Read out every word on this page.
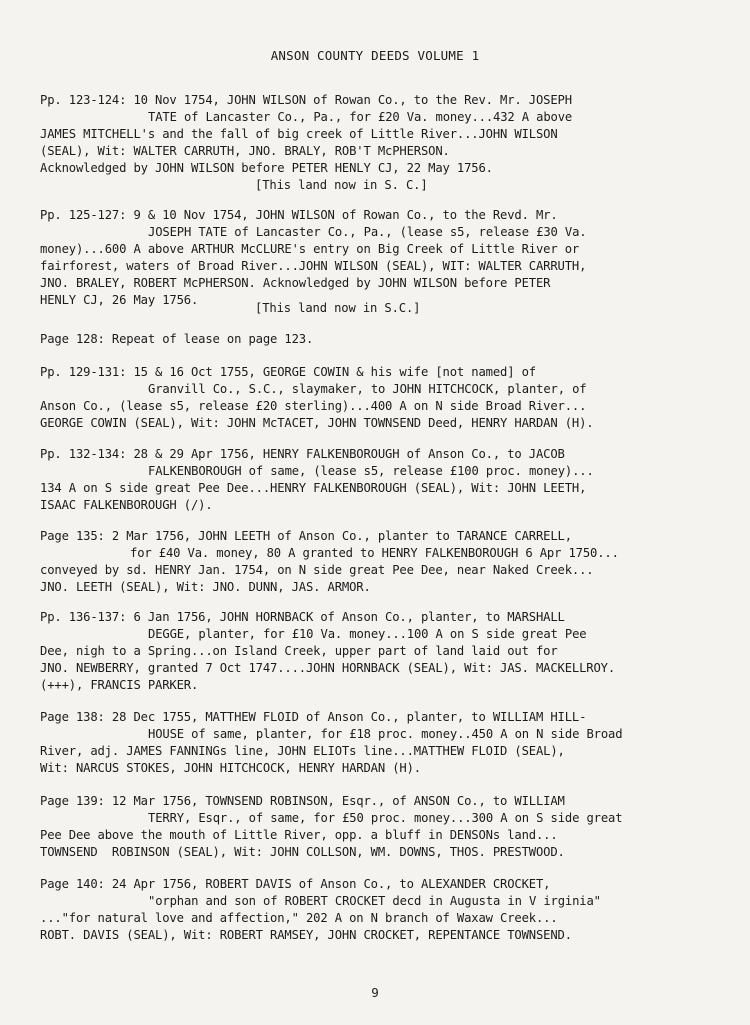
ANSON COUNTY DEEDS VOLUME 1
Pp. 123-124: 10 Nov 1754, JOHN WILSON of Rowan Co., to the Rev. Mr. JOSEPH
TATE of Lancaster Co., Pa., for £20 Va. money...432 A above
JAMES MITCHELL's and the fall of big creek of Little River...JOHN WILSON
(SEAL), Wit: WALTER CARRUTH, JNO. BRALY, ROB'T McPHERSON.
Acknowledged by JOHN WILSON before PETER HENLY CJ, 22 May 1756.
[This land now in S. C.]
Pp. 125-127: 9 & 10 Nov 1754, JOHN WILSON of Rowan Co., to the Revd. Mr.
JOSEPH TATE of Lancaster Co., Pa., (lease s5, release £30 Va.
money)...600 A above ARTHUR McCLURE's entry on Big Creek of Little River or
fairforest, waters of Broad River...JOHN WILSON (SEAL), WIT: WALTER CARRUTH,
JNO. BRALEY, ROBERT McPHERSON. Acknowledged by JOHN WILSON before PETER
HENLY CJ, 26 May 1756.
[This land now in S.C.]
Page 128: Repeat of lease on page 123.
Pp. 129-131: 15 & 16 Oct 1755, GEORGE COWIN & his wife [not named] of
Granvill Co., S.C., slaymaker, to JOHN HITCHCOCK, planter, of
Anson Co., (lease s5, release £20 sterling)...400 A on N side Broad River...
GEORGE COWIN (SEAL), Wit: JOHN McTACET, JOHN TOWNSEND Deed, HENRY HARDAN (H).
Pp. 132-134: 28 & 29 Apr 1756, HENRY FALKENBOROUGH of Anson Co., to JACOB
FALKENBOROUGH of same, (lease s5, release £100 proc. money)...
134 A on S side great Pee Dee...HENRY FALKENBOROUGH (SEAL), Wit: JOHN LEETH,
ISAAC FALKENBOROUGH (/).
Page 135: 2 Mar 1756, JOHN LEETH of Anson Co., planter to TARANCE CARRELL,
for £40 Va. money, 80 A granted to HENRY FALKENBOROUGH 6 Apr 1750...
conveyed by sd. HENRY Jan. 1754, on N side great Pee Dee, near Naked Creek...
JNO. LEETH (SEAL), Wit: JNO. DUNN, JAS. ARMOR.
Pp. 136-137: 6 Jan 1756, JOHN HORNBACK of Anson Co., planter, to MARSHALL
DEGGE, planter, for £10 Va. money...100 A on S side great Pee
Dee, nigh to a Spring...on Island Creek, upper part of land laid out for
JNO. NEWBERRY, granted 7 Oct 1747....JOHN HORNBACK (SEAL), Wit: JAS. MACKELLROY.
(+++), FRANCIS PARKER.
Page 138: 28 Dec 1755, MATTHEW FLOID of Anson Co., planter, to WILLIAM HILL-
HOUSE of same, planter, for £18 proc. money..450 A on N side Broad
River, adj. JAMES FANNINGs line, JOHN ELIOTs line...MATTHEW FLOID (SEAL),
Wit: NARCUS STOKES, JOHN HITCHCOCK, HENRY HARDAN (H).
Page 139: 12 Mar 1756, TOWNSEND ROBINSON, Esqr., of ANSON Co., to WILLIAM
TERRY, Esqr., of same, for £50 proc. money...300 A on S side great
Pee Dee above the mouth of Little River, opp. a bluff in DENSONs land...
TOWNSEND  ROBINSON (SEAL), Wit: JOHN COLLSON, WM. DOWNS, THOS. PRESTWOOD.
Page 140: 24 Apr 1756, ROBERT DAVIS of Anson Co., to ALEXANDER CROCKET,
"orphan and son of ROBERT CROCKET decd in Augusta in V irginia"
..."for natural love and affection," 202 A on N branch of Waxaw Creek...
ROBT. DAVIS (SEAL), Wit: ROBERT RAMSEY, JOHN CROCKET, REPENTANCE TOWNSEND.
9
